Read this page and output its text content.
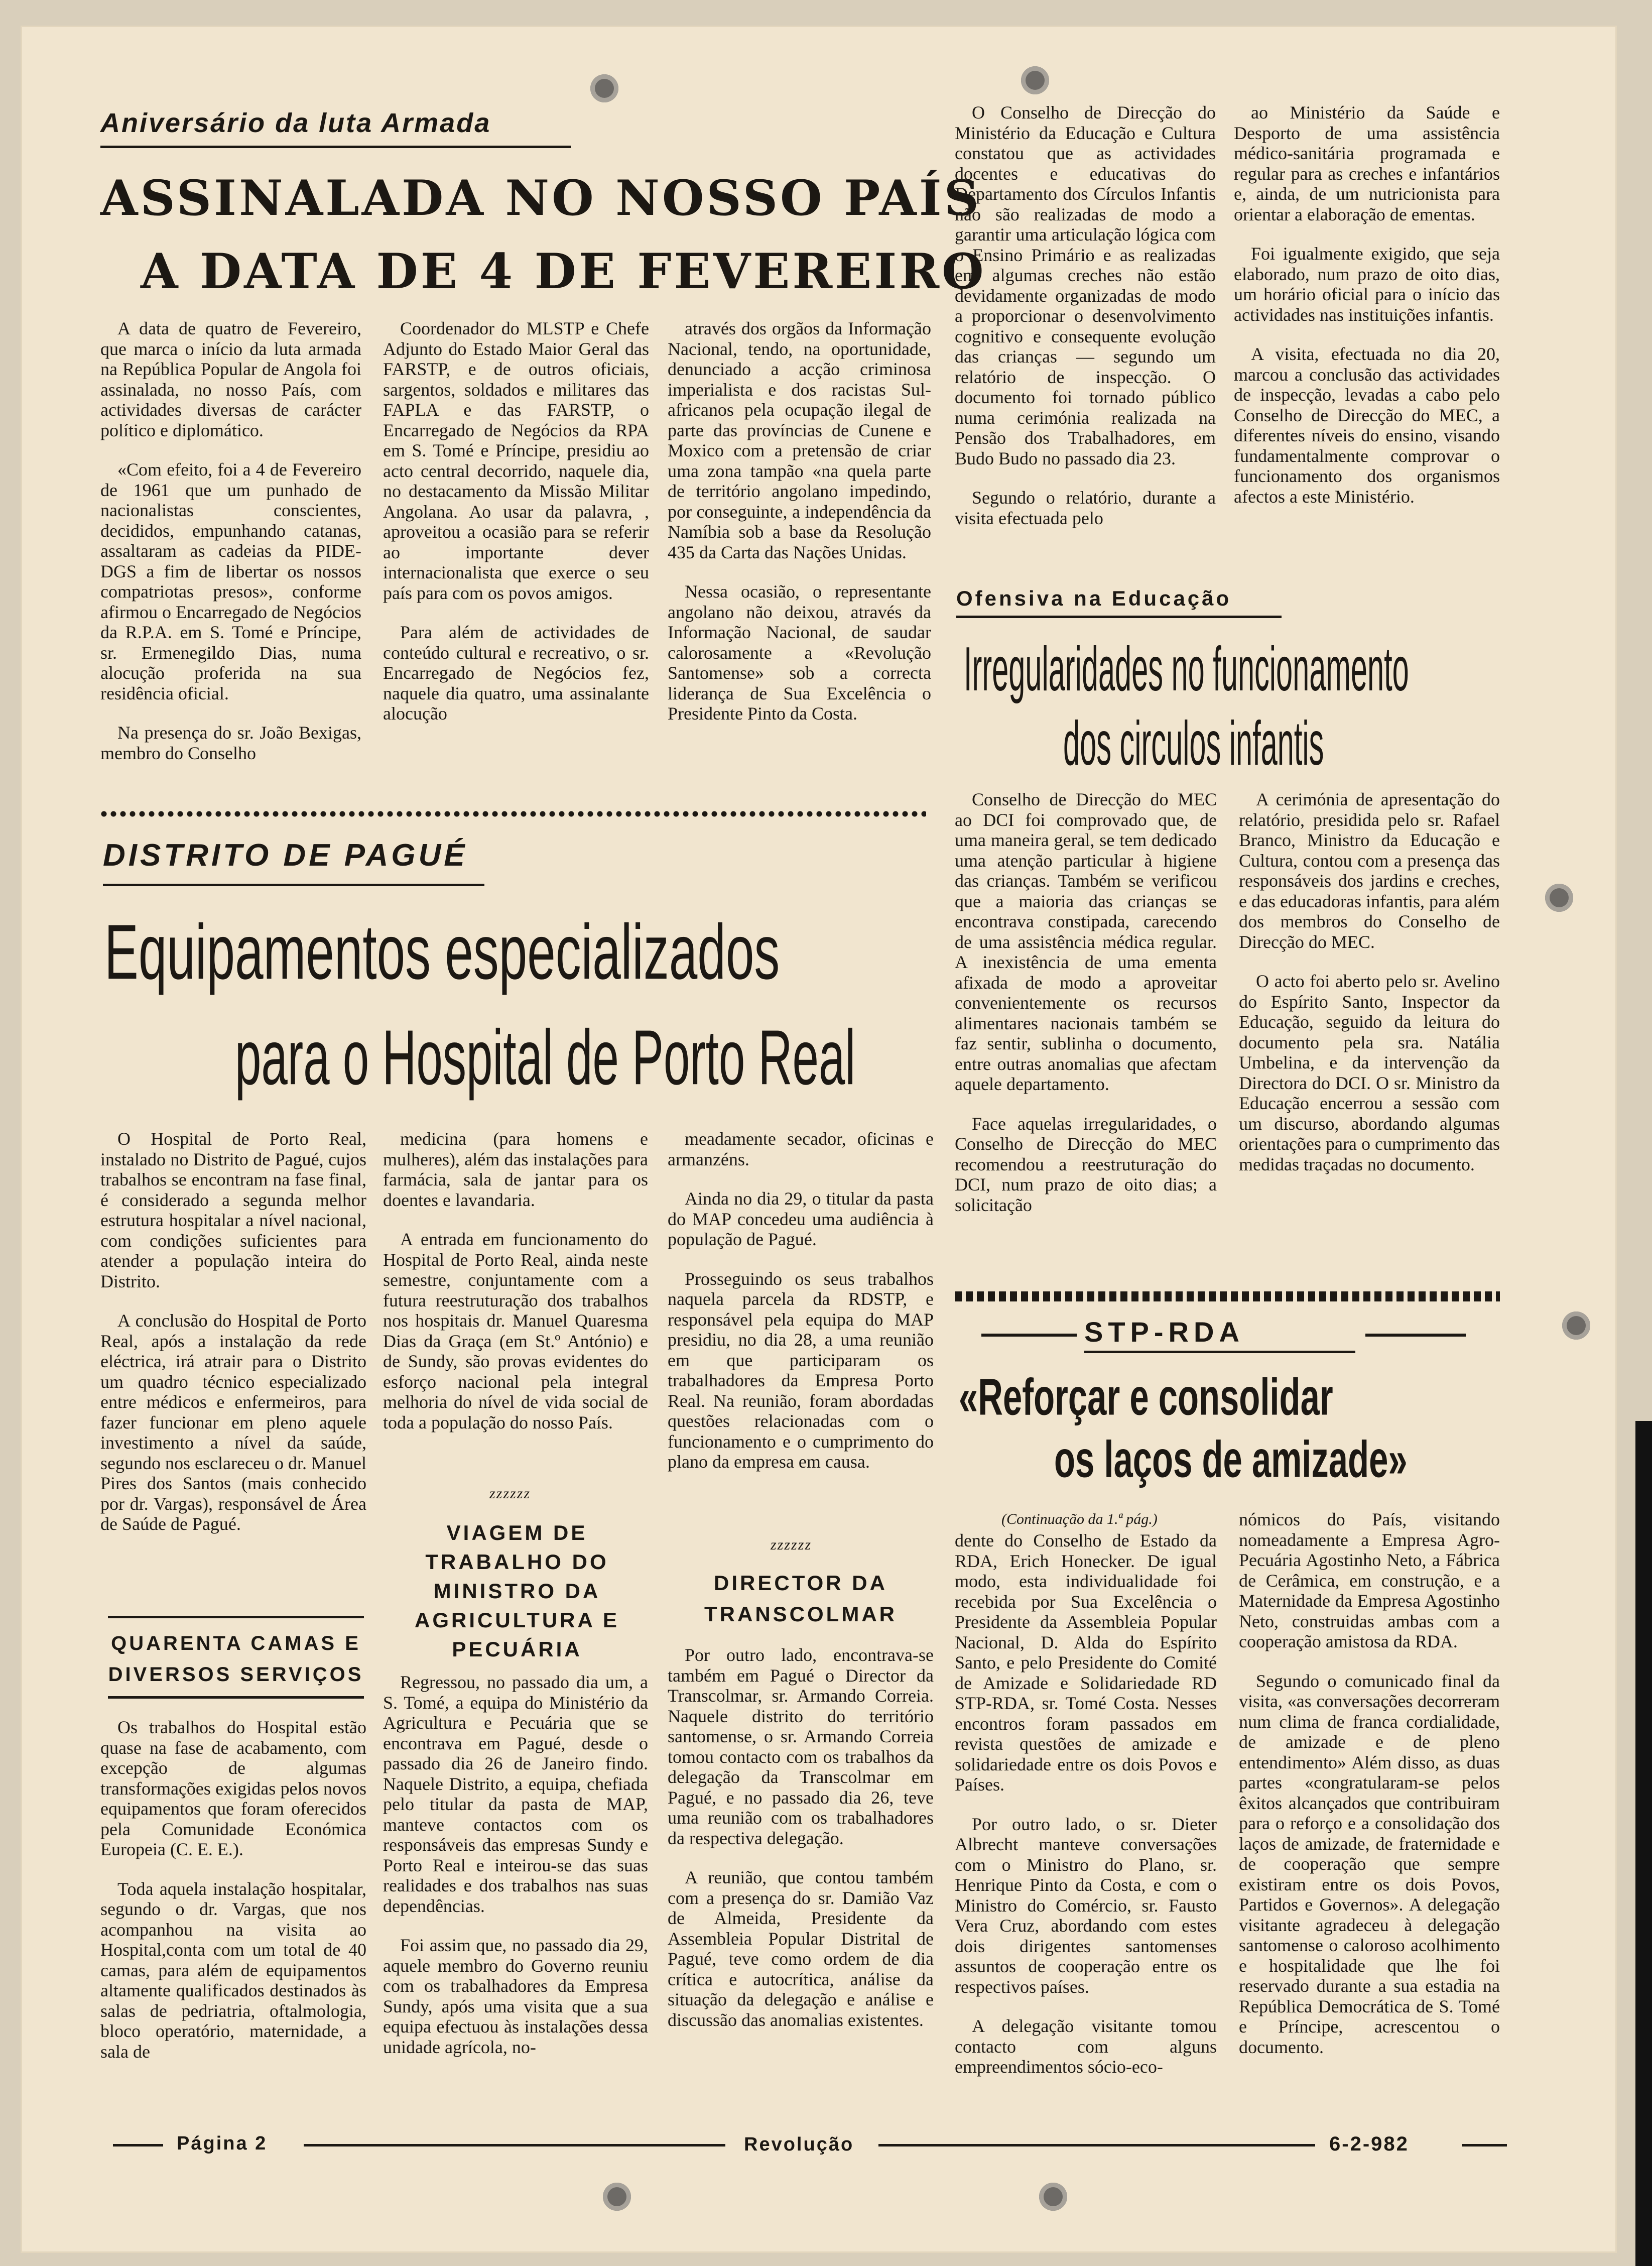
Aniversário da luta Armada
ASSINALADA NO NOSSO PAÍS
A DATA DE 4 DE FEVEREIRO

A data de quatro de Fevereiro, que marca o início da luta armada na República Popular de Angola foi assinalada, no nosso País, com actividades diversas de carácter político e diplomático.

«Com efeito, foi a 4 de Fevereiro de 1961 que um punhado de nacionalistas conscientes, decididos, empunhando catanas, assaltaram as cadeias da PIDE-DGS a fim de libertar os nossos compatriotas presos», conforme afirmou o Encarregado de Negócios da R.P.A. em S. Tomé e Príncipe, sr. Ermenegildo Dias, numa alocução proferida na sua residência oficial.

Na presença do sr. João Bexigas, membro do Conselho

Coordenador do MLSTP e Chefe Adjunto do Estado Maior Geral das FARSTP, e de outros oficiais, sargentos, soldados e militares das FAPLA e das FARSTP, o Encarregado de Negócios da RPA em S. Tomé e Príncipe, presidiu ao acto central decorrido, naquele dia, no destacamento da Missão Militar Angolana. Ao usar da palavra, , aproveitou a ocasião para se referir ao importante dever internacionalista que exerce o seu país para com os povos amigos.

Para além de actividades de conteúdo cultural e recreativo, o sr. Encarregado de Negócios fez, naquele dia quatro, uma assinalante alocução

através dos orgãos da Informação Nacional, tendo, na oportunidade, denunciado a acção criminosa imperialista e dos racistas Sul-africanos pela ocupação ilegal de parte das províncias de Cunene e Moxico com a pretensão de criar uma zona tampão «na quela parte de território angolano impedindo, por conseguinte, a independência da Namíbia sob a base da Resolução 435 da Carta das Nações Unidas.

Nessa ocasião, o representante angolano não deixou, através da Informação Nacional, de saudar calorosamente a «Revolução Santomense» sob a correcta liderança de Sua Excelência o Presidente Pinto da Costa.

DISTRITO DE PAGUÉ
Equipamentos especializados
para o Hospital de Porto Real

O Hospital de Porto Real, instalado no Distrito de Pagué, cujos trabalhos se encontram na fase final, é considerado a segunda melhor estrutura hospitalar a nível nacional, com condições suficientes para atender a população inteira do Distrito.

A conclusão do Hospital de Porto Real, após a instalação da rede eléctrica, irá atrair para o Distrito um quadro técnico especializado entre médicos e enfermeiros, para fazer funcionar em pleno aquele investimento a nível da saúde, segundo nos esclareceu o dr. Manuel Pires dos Santos (mais conhecido por dr. Vargas), responsável de Área de Saúde de Pagué.

QUARENTA CAMAS E DIVERSOS SERVIÇOS

Os trabalhos do Hospital estão quase na fase de acabamento, com excepção de algumas transformações exigidas pelos novos equipamentos que foram oferecidos pela Comunidade Económica Europeia (C. E. E.).

Toda aquela instalação hospitalar, segundo o dr. Vargas, que nos acompanhou na visita ao Hospital,conta com um total de 40 camas, para além de equipamentos altamente qualificados destinados às salas de pedriatria, oftalmologia, bloco operatório, maternidade, a sala de

medicina (para homens e mulheres), além das instalações para farmácia, sala de jantar para os doentes e lavandaria.

A entrada em funcionamento do Hospital de Porto Real, ainda neste semestre, conjuntamente com a futura reestruturação dos trabalhos nos hospitais dr. Manuel Quaresma Dias da Graça (em St.º António) e de Sundy, são provas evidentes do esforço nacional pela integral melhoria do nível de vida social de toda a população do nosso País.

zzzzzz
VIAGEM DE TRABALHO DO MINISTRO DA AGRICULTURA E PECUÁRIA

Regressou, no passado dia um, a S. Tomé, a equipa do Ministério da Agricultura e Pecuária que se encontrava em Pagué, desde o passado dia 26 de Janeiro findo. Naquele Distrito, a equipa, chefiada pelo titular da pasta de MAP, manteve contactos com os responsáveis das empresas Sundy e Porto Real e inteirou-se das suas realidades e dos trabalhos nas suas dependências.

Foi assim que, no passado dia 29, aquele membro do Governo reuniu com os trabalhadores da Empresa Sundy, após uma visita que a sua equipa efectuou às instalações dessa unidade agrícola, no-

meadamente secador, oficinas e armanzéns.

Ainda no dia 29, o titular da pasta do MAP concedeu uma audiência à população de Pagué.

Prosseguindo os seus trabalhos naquela parcela da RDSTP, e responsável pela equipa do MAP presidiu, no dia 28, a uma reunião em que participaram os trabalhadores da Empresa Porto Real. Na reunião, foram abordadas questões relacionadas com o funcionamento e o cumprimento do plano da empresa em causa.

zzzzzz
DIRECTOR DA TRANSCOLMAR

Por outro lado, encontrava-se também em Pagué o Director da Transcolmar, sr. Armando Correia. Naquele distrito do território santomense, o sr. Armando Correia tomou contacto com os trabalhos da delegação da Transcolmar em Pagué, e no passado dia 26, teve uma reunião com os trabalhadores da respectiva delegação.

A reunião, que contou também com a presença do sr. Damião Vaz de Almeida, Presidente da Assembleia Popular Distrital de Pagué, teve como ordem de dia crítica e autocrítica, análise da situação da delegação e análise e discussão das anomalias existentes.

O Conselho de Direcção do Ministério da Educação e Cultura constatou que as actividades docentes e educativas do Departamento dos Círculos Infantis não são realizadas de modo a garantir uma articulação lógica com o Ensino Primário e as realizadas em algumas creches não estão devidamente organizadas de modo a proporcionar o desenvolvimento cognitivo e consequente evolução das crianças — segundo um relatório de inspecção. O documento foi tornado público numa cerimónia realizada na Pensão dos Trabalhadores, em Budo Budo no passado dia 23.

Segundo o relatório, durante a visita efectuada pelo

ao Ministério da Saúde e Desporto de uma assistência médico-sanitária programada e regular para as creches e infantários e, ainda, de um nutricionista para orientar a elaboração de ementas.

Foi igualmente exigido, que seja elaborado, num prazo de oito dias, um horário oficial para o início das actividades nas instituições infantis.

A visita, efectuada no dia 20, marcou a conclusão das actividades de inspecção, levadas a cabo pelo Conselho de Direcção do MEC, a diferentes níveis do ensino, visando fundamentalmente comprovar o funcionamento dos organismos afectos a este Ministério.

Ofensiva na Educação
Irregularidades no funcionamento
dos circulos infantis

Conselho de Direcção do MEC ao DCI foi comprovado que, de uma maneira geral, se tem dedicado uma atenção particular à higiene das crianças. Também se verificou que a maioria das crianças se encontrava constipada, carecendo de uma assistência médica regular. A inexistência de uma ementa afixada de modo a aproveitar convenientemente os recursos alimentares nacionais também se faz sentir, sublinha o documento, entre outras anomalias que afectam aquele departamento.

Face aquelas irregularidades, o Conselho de Direcção do MEC recomendou a reestruturação do DCI, num prazo de oito dias; a solicitação

A cerimónia de apresentação do relatório, presidida pelo sr. Rafael Branco, Ministro da Educação e Cultura, contou com a presença das responsáveis dos jardins e creches, e das educadoras infantis, para além dos membros do Conselho de Direcção do MEC.

O acto foi aberto pelo sr. Avelino do Espírito Santo, Inspector da Educação, seguido da leitura do documento pela sra. Natália Umbelina, e da intervenção da Directora do DCI. O sr. Ministro da Educação encerrou a sessão com um discurso, abordando algumas orientações para o cumprimento das medidas traçadas no documento.

STP-RDA
«Reforçar e consolidar
os laços de amizade»
(Continuação da 1.ª pág.)

dente do Conselho de Estado da RDA, Erich Honecker. De igual modo, esta individualidade foi recebida por Sua Excelência o Presidente da Assembleia Popular Nacional, D. Alda do Espírito Santo, e pelo Presidente do Comité de Amizade e Solidariedade RD STP-RDA, sr. Tomé Costa. Nesses encontros foram passados em revista questões de amizade e solidariedade entre os dois Povos e Países.

Por outro lado, o sr. Dieter Albrecht manteve conversações com o Ministro do Plano, sr. Henrique Pinto da Costa, e com o Ministro do Comércio, sr. Fausto Vera Cruz, abordando com estes dois dirigentes santomenses assuntos de cooperação entre os respectivos países.

A delegação visitante tomou contacto com alguns empreendimentos sócio-eco-

nómicos do País, visitando nomeadamente a Empresa Agro-Pecuária Agostinho Neto, a Fábrica de Cerâmica, em construção, e a Maternidade da Empresa Agostinho Neto, construidas ambas com a cooperação amistosa da RDA.

Segundo o comunicado final da visita, «as conversações decorreram num clima de franca cordialidade, de amizade e de pleno entendimento» Além disso, as duas partes «congratularam-se pelos êxitos alcançados que contribuiram para o reforço e a consolidação dos laços de amizade, de fraternidade e de cooperação que sempre existiram entre os dois Povos, Partidos e Governos». A delegação visitante agradeceu à delegação santomense o caloroso acolhimento e hospitalidade que lhe foi reservado durante a sua estadia na República Democrática de S. Tomé e Príncipe, acrescentou o documento.

Página 2	Revolução	6-2-982
